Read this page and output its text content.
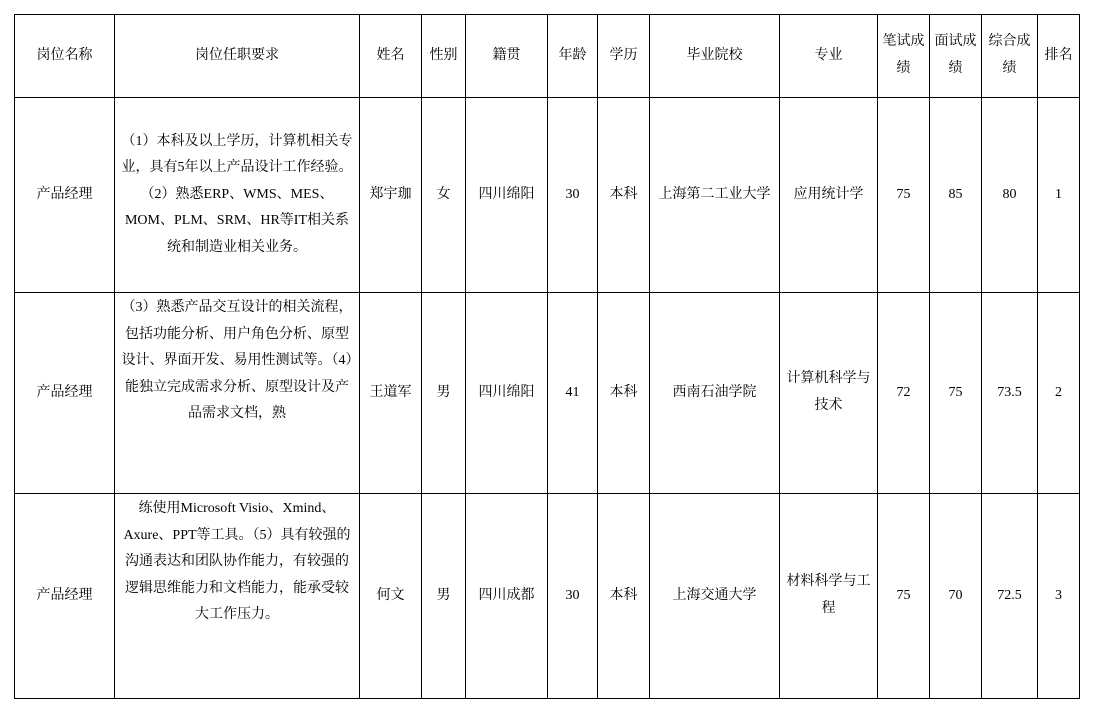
岗位名称	岗位任职要求	姓名	性别	籍贯	年龄	学历	毕业院校	专业	笔试成绩	面试成绩	综合成绩	排名
产品经理	（1）本科及以上学历，计算机相关专业，具有5年以上产品设计工作经验。（2）熟悉ERP、WMS、MES、MOM、PLM、SRM、HR等IT相关系统和制造业相关业务。	郑宇珈	女	四川绵阳	30	本科	上海第二工业大学	应用统计学	75	85	80	1
产品经理	（3）熟悉产品交互设计的相关流程，包括功能分析、用户角色分析、原型设计、界面开发、易用性测试等。（4）能独立完成需求分析、原型设计及产品需求文档，熟	王道军	男	四川绵阳	41	本科	西南石油学院	计算机科学与技术	72	75	73.5	2
产品经理	练使用Microsoft Visio、Xmind、Axure、PPT等工具。（5）具有较强的沟通表达和团队协作能力，有较强的逻辑思维能力和文档能力，能承受较大工作压力。	何文	男	四川成都	30	本科	上海交通大学	材料科学与工程	75	70	72.5	3
